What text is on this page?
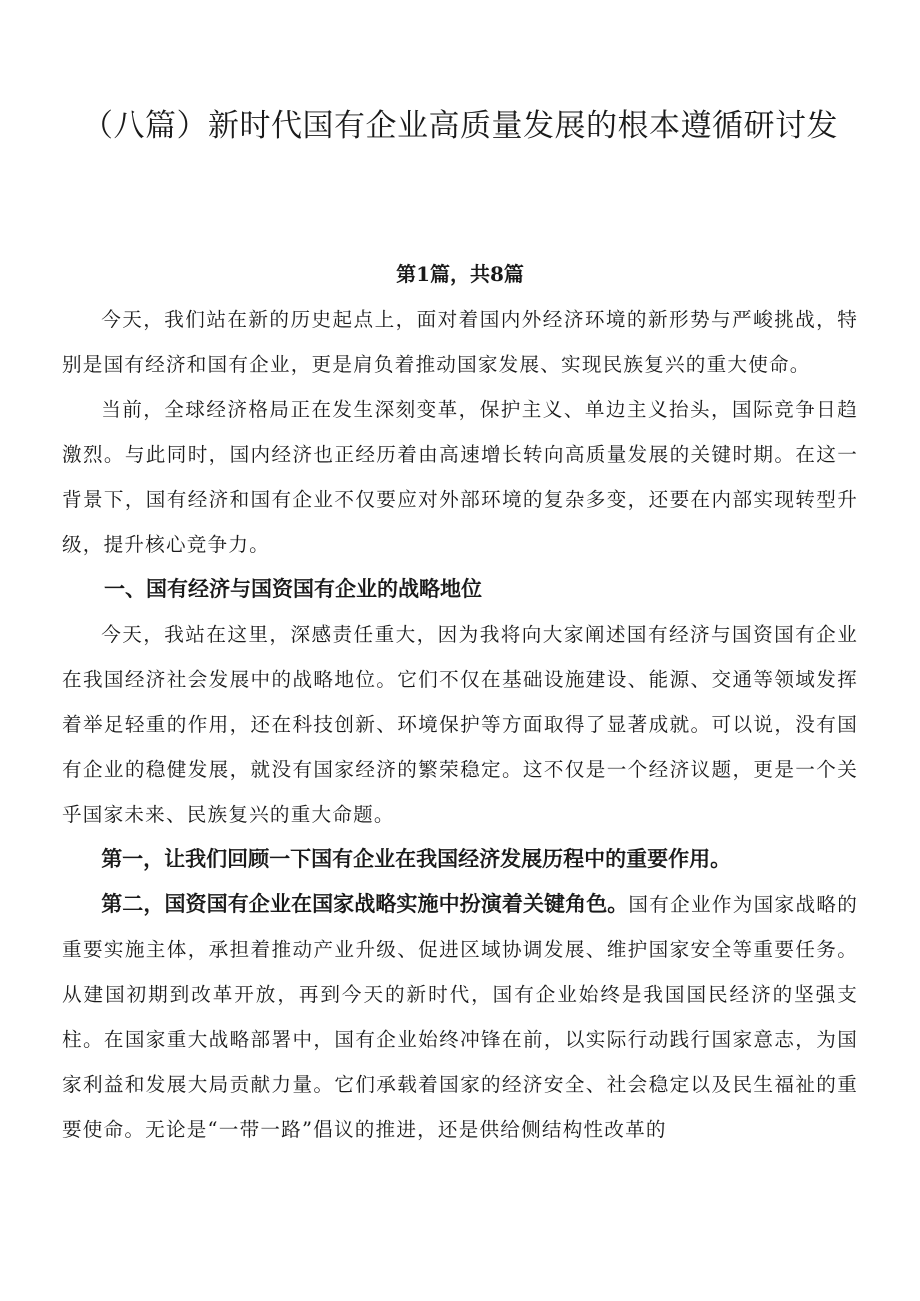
（八篇）新时代国有企业高质量发展的根本遵循研讨发
第1篇，共8篇

今天，我们站在新的历史起点上，面对着国内外经济环境的新形势与严峻挑战，特别是国有经济和国有企业，更是肩负着推动国家发展、实现民族复兴的重大使命。

当前，全球经济格局正在发生深刻变革，保护主义、单边主义抬头，国际竞争日趋激烈。与此同时，国内经济也正经历着由高速增长转向高质量发展的关键时期。在这一背景下，国有经济和国有企业不仅要应对外部环境的复杂多变，还要在内部实现转型升级，提升核心竞争力。

一、国有经济与国资国有企业的战略地位

今天，我站在这里，深感责任重大，因为我将向大家阐述国有经济与国资国有企业在我国经济社会发展中的战略地位。它们不仅在基础设施建设、能源、交通等领域发挥着举足轻重的作用，还在科技创新、环境保护等方面取得了显著成就。可以说，没有国有企业的稳健发展，就没有国家经济的繁荣稳定。这不仅是一个经济议题，更是一个关乎国家未来、民族复兴的重大命题。

第一，让我们回顾一下国有企业在我国经济发展历程中的重要作用。

第二，国资国有企业在国家战略实施中扮演着关键角色。国有企业作为国家战略的重要实施主体，承担着推动产业升级、促进区域协调发展、维护国家安全等重要任务。从建国初期到改革开放，再到今天的新时代，国有企业始终是我国国民经济的坚强支柱。在国家重大战略部署中，国有企业始终冲锋在前，以实际行动践行国家意志，为国家利益和发展大局贡献力量。它们承载着国家的经济安全、社会稳定以及民生福祉的重要使命。无论是“一带一路”倡议的推进，还是供给侧结构性改革的
